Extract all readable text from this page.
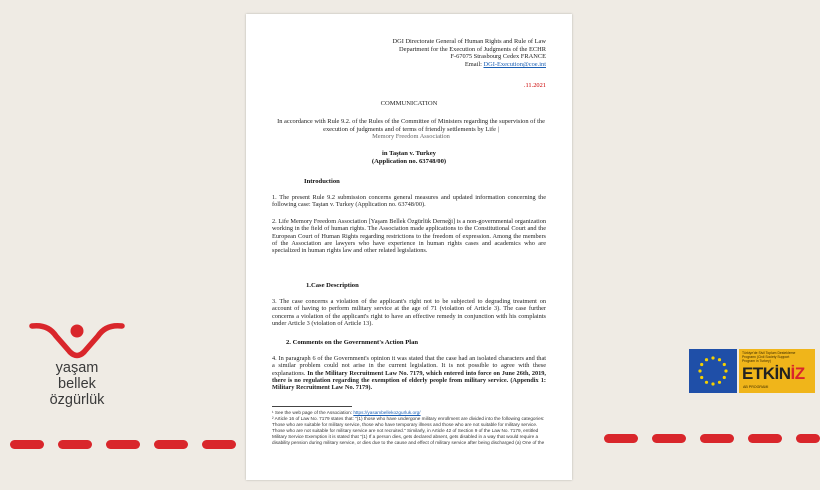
DGI Directorate General of Human Rights and Rule of Law
Department for the Execution of Judgments of the ECHR
F-67075 Strasbourg Cedex FRANCE
Email: DGI-Execution@coe.int
.11.2021
COMMUNICATION
In accordance with Rule 9.2. of the Rules of the Committee of Ministers regarding the supervision of the execution of judgments and of terms of friendly settlements by Life |
Memory Freedom Association
in Taştan v. Turkey
(Application no. 63748/00)
Introduction
1. The present Rule 9.2 submission concerns general measures and updated information concerning the following case: Taştan v. Turkey (Application no. 63748/00).
2. Life Memory Freedom Association [Yaşam Bellek Özgürlük Derneği] is a non-governmental organization working in the field of human rights. The Association made applications to the Constitutional Court and the European Court of Human Rights regarding restrictions to the freedom of expression. Among the members of the Association are lawyers who have experience in human rights cases and academics who are specialized in human rights law and other related legislations.
1.Case Description
3. The case concerns a violation of the applicant's right not to be subjected to degrading treatment on account of having to perform military service at the age of 71 (violation of Article 3). The case further concerns a violation of the applicant's right to have an effective remedy in conjunction with his complaints under Article 3 (violation of Article 13).
2. Comments on the Government's Action Plan
4. In paragraph 6 of the Government's opinion it was stated that the case had an isolated characters and that a similar problem could not arise in the current legislation. It is not possible to agree with these explanations. In the Military Recruitment Law No. 7179, which entered into force on June 26th, 2019, there is no regulation regarding the exemption of elderly people from military service. (Appendix 1: Military Recruitment Law No. 7179).
¹ See the web page of the Association: https://yasambellekozgurluk.org/
² Article 16 of Law No. 7179 states that: "(1) those who have undergone military enrollment are divided into the following categories: Those who are suitable for military service, those who have temporary illness and those who are not suitable for military service. Those who are not suitable for military service are not recruited." Similarly, in Article 42 of Section 9 of the Law No. 7179, entitled Military Service Exemption it is stated that "(1) If a person dies, gets declared absent, gets disabled in a way that would require a disability pension during military service, or dies due to the cause and effect of military service after being discharged (a) One of the
yaşam
bellek
özgürlük
Türkiye'de Sivil Toplum Destekleme Programı (Civil Society Support Program in Turkey)
ETKİNİZ
AB PROGRAMI
